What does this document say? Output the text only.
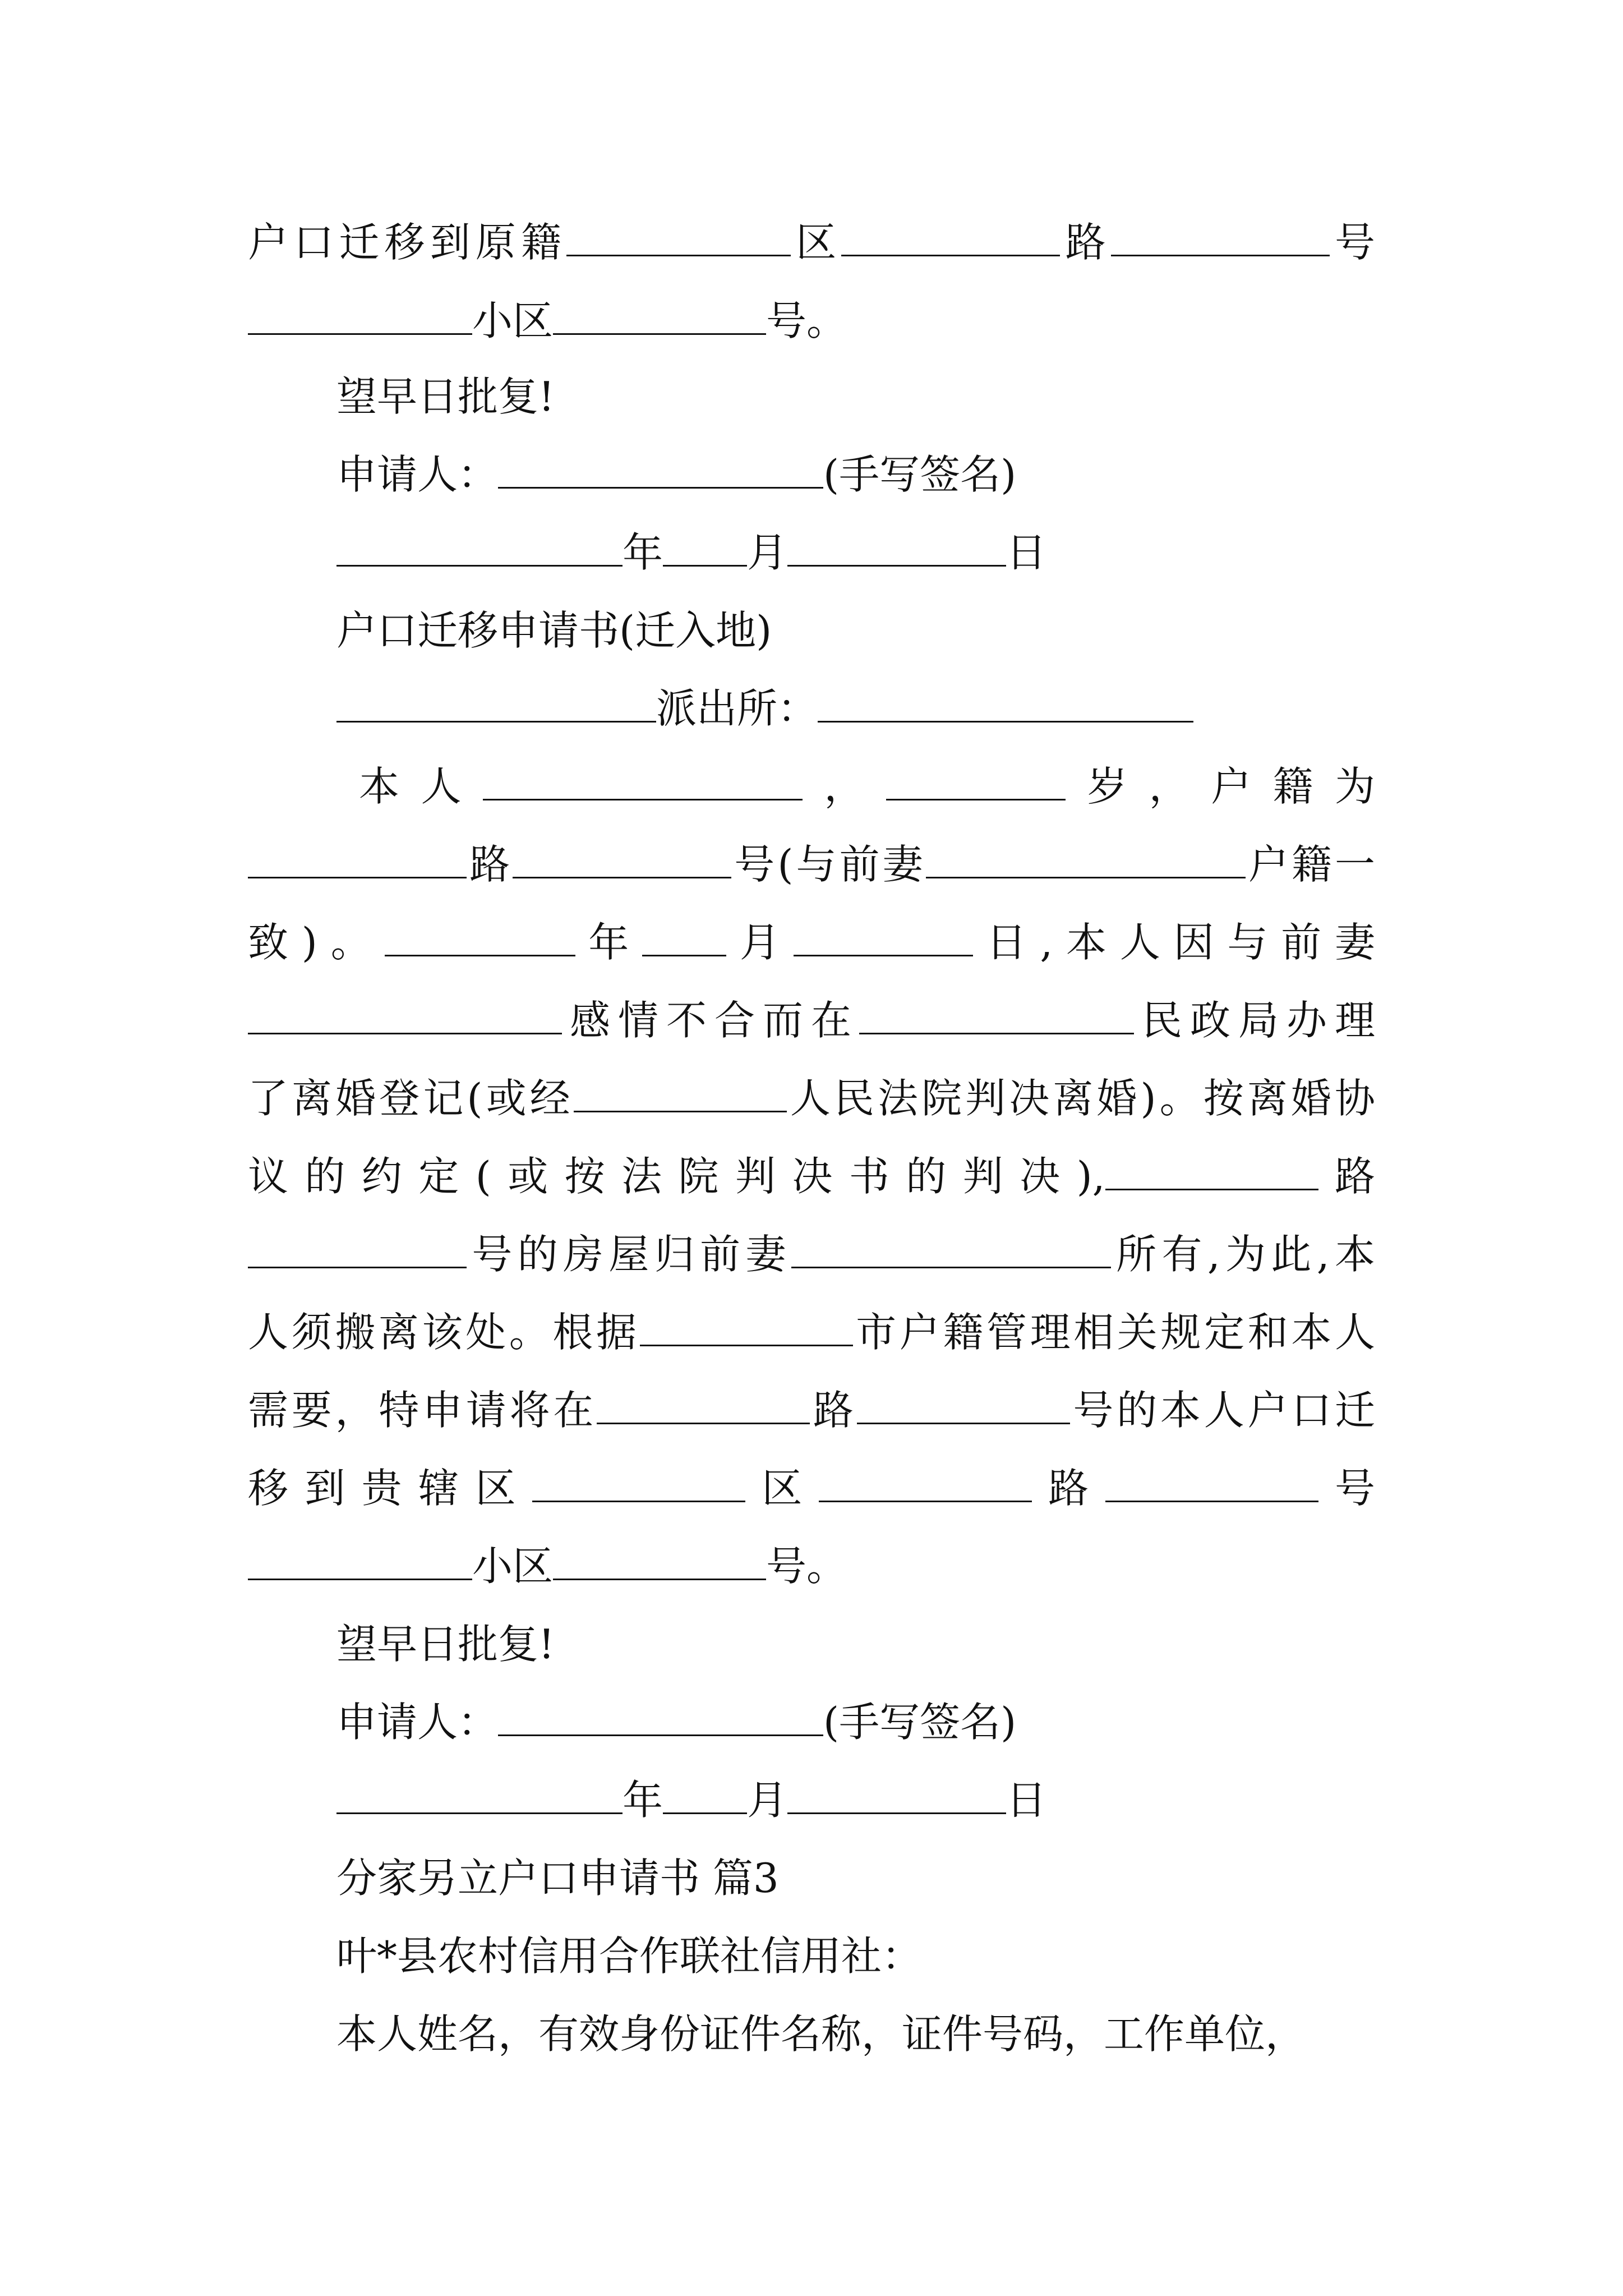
户口迁移到原籍	区	路	号
小区	号。
望早日批复!
申请人：	(手写签名)
年 月	日
户口迁移申请书(迁入地)
派出所：
本人	，	岁，户籍为
路	号(与前妻	户籍一
致)。	年 月	日,本人因与前妻
感情不合而在	民政局办理
了离婚登记(或经	人民法院判决离婚)。按离婚协
议的约定(或按法院判决书的判决),	路
号的房屋归前妻	所有,为此,本
人须搬离该处。根据	市户籍管理相关规定和本人
需要，特申请将在	路	号的本人户口迁
移到贵辖区	区	路	号
小区	号。
望早日批复!
申请人：	(手写签名)
年 月	日
分家另立户口申请书 篇3
叶*县农村信用合作联社信用社：
本人姓名，有效身份证件名称，证件号码，工作单位，
